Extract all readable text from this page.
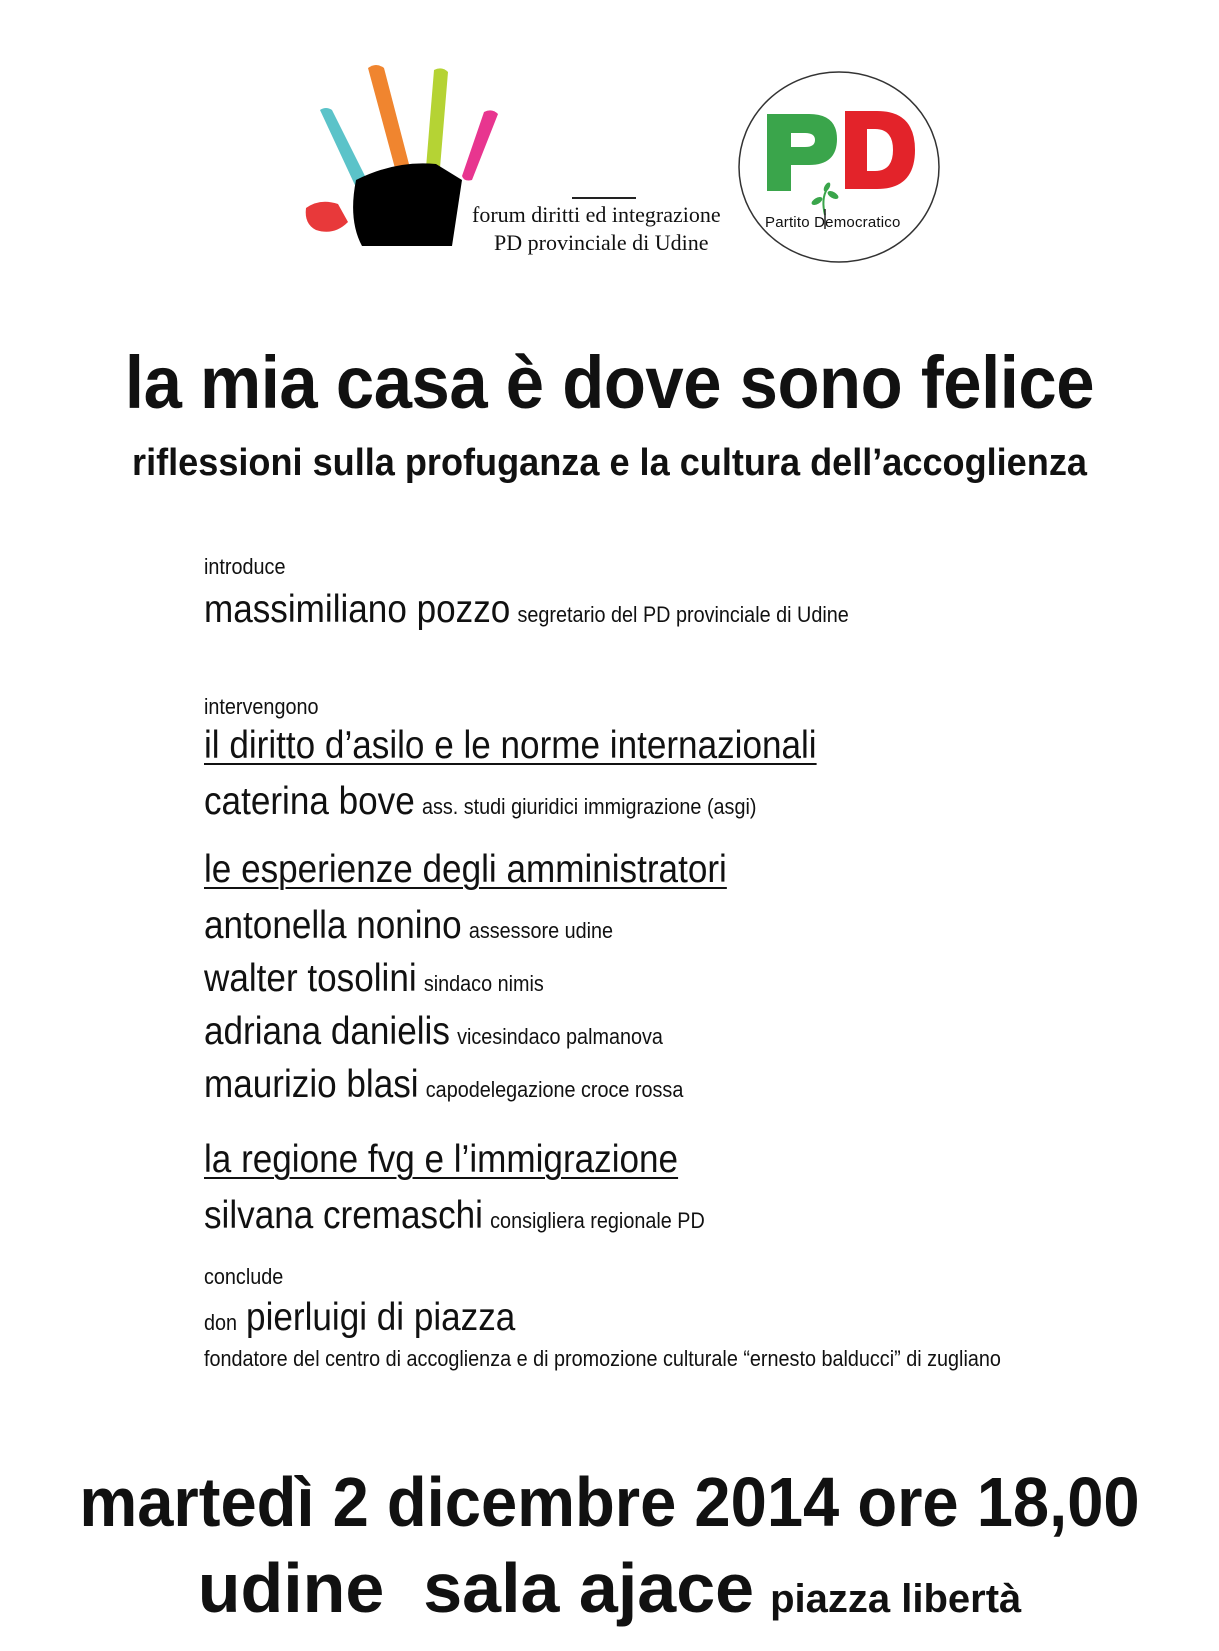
forum diritti ed integrazione
PD provinciale di Udine
Partito Democratico
la mia casa è dove sono felice
riflessioni sulla profuganza e la cultura dell’accoglienza
introduce
massimiliano pozzo segretario del PD provinciale di Udine
intervengono
il diritto d’asilo e le norme internazionali
caterina bove ass. studi giuridici immigrazione (asgi)
le esperienze degli amministratori
antonella nonino assessore udine
walter tosolini sindaco nimis
adriana danielis vicesindaco palmanova
maurizio blasi capodelegazione croce rossa
la regione fvg e l’immigrazione
silvana cremaschi consigliera regionale PD
conclude
don pierluigi di piazza
fondatore del centro di accoglienza e di promozione culturale “ernesto balducci” di zugliano
martedì 2 dicembre 2014 ore 18,00
udine  sala ajace piazza libertà
